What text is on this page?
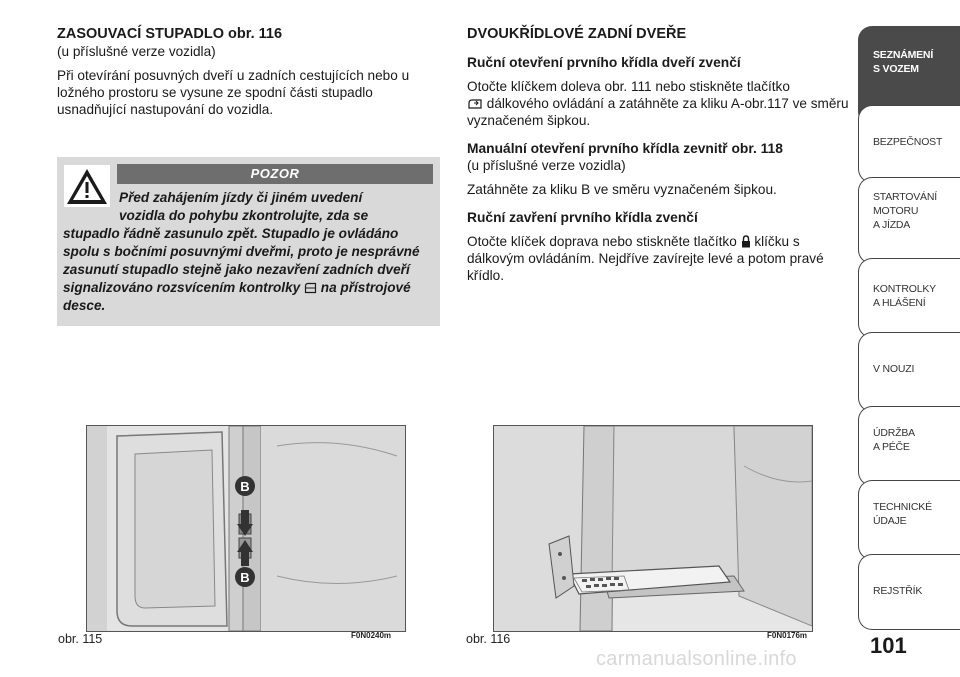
ZASOUVACÍ STUPADLO obr. 116

(u příslušné verze vozidla)

Při otevírání posuvných dveří u zadních cestujících nebo u ložného prostoru se vysune ze spodní části stupadlo usnadňující nastupování do vozidla.

POZOR
Před zahájením jízdy či jiném uvedení
vozidla do pohybu zkontrolujte, zda se
stupadlo řádně zasunulo zpět. Stupadlo je ovládáno spolu s bočními posuvnými dveřmi, proto je nesprávné zasunutí stupadlo stejně jako nezavření zadních dveří signalizováno rozsvícením kontrolky na přístrojové desce.

DVOUKŘÍDLOVÉ ZADNÍ DVEŘE

Ruční otevření prvního křídla dveří zvenčí

Otočte klíčkem doleva obr. 111 nebo stiskněte tlačítko
dálkového ovládání a zatáhněte za kliku A-obr.117 ve směru vyznačeném šipkou.

Manuální otevření prvního křídla zevnitř obr. 118

(u příslušné verze vozidla)

Zatáhněte za kliku B ve směru vyznačeném šipkou.

Ruční zavření prvního křídla zvenčí

Otočte klíček doprava nebo stiskněte tlačítko klíčku s dálkovým ovládáním. Nejdříve zavírejte levé a potom pravé křídlo.

B
B
obr. 115	F0N0240m	obr. 116	F0N0176m
SEZNÁMENÍ
S VOZEM
BEZPEČNOST
STARTOVÁNÍ
MOTORU
A JÍZDA
KONTROLKY
A HLÁŠENÍ
V NOUZI
ÚDRŽBA
A PÉČE
TECHNICKÉ
ÚDAJE
REJSTŘÍK
101
carmanualsonline.info
